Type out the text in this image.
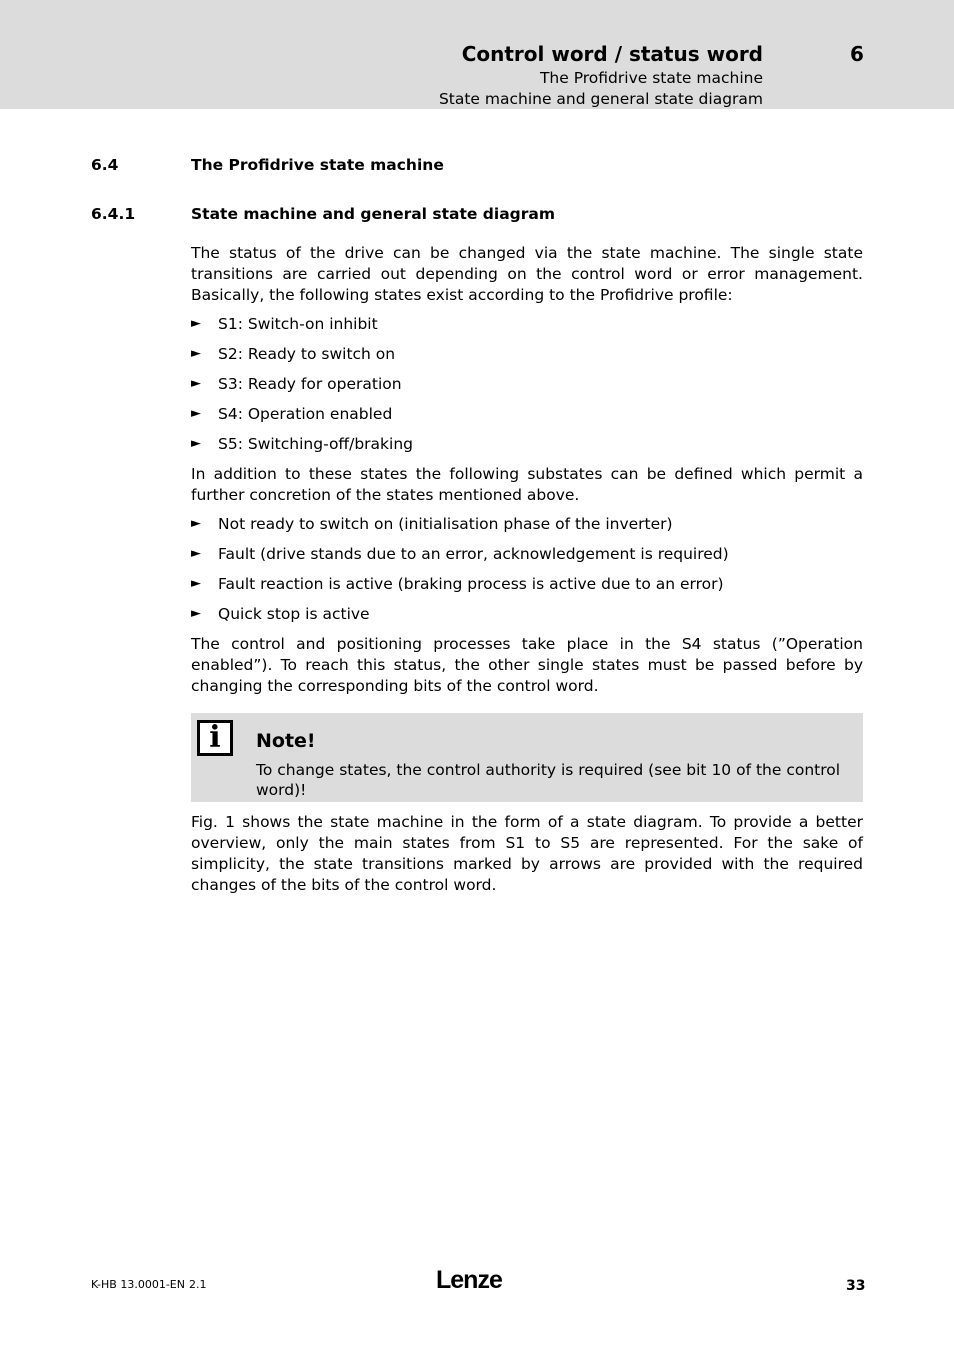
Control word / status word	6
The Profidrive state machine
State machine and general state diagram
6.4	The Profidrive state machine
6.4.1	State machine and general state diagram
The status of the drive can be changed via the state machine. The single state transitions are carried out depending on the control word or error management. Basically, the following states exist according to the Profidrive profile:
► S1: Switch-on inhibit
► S2: Ready to switch on
► S3: Ready for operation
► S4: Operation enabled
► S5: Switching-off/braking
In addition to these states the following substates can be defined which permit a further concretion of the states mentioned above.
► Not ready to switch on (initialisation phase of the inverter)
► Fault (drive stands due to an error, acknowledgement is required)
► Fault reaction is active (braking process is active due to an error)
► Quick stop is active
The control and positioning processes take place in the S4 status (”Operation enabled”). To reach this status, the other single states must be passed before by changing the corresponding bits of the control word.
i	Note!
To change states, the control authority is required (see bit 10 of the control word)!
Fig. 1 shows the state machine in the form of a state diagram. To provide a better overview, only the main states from S1 to S5 are represented. For the sake of simplicity, the state transitions marked by arrows are provided with the required changes of the bits of the control word.
K-HB 13.0001-EN 2.1	Lenze	33
